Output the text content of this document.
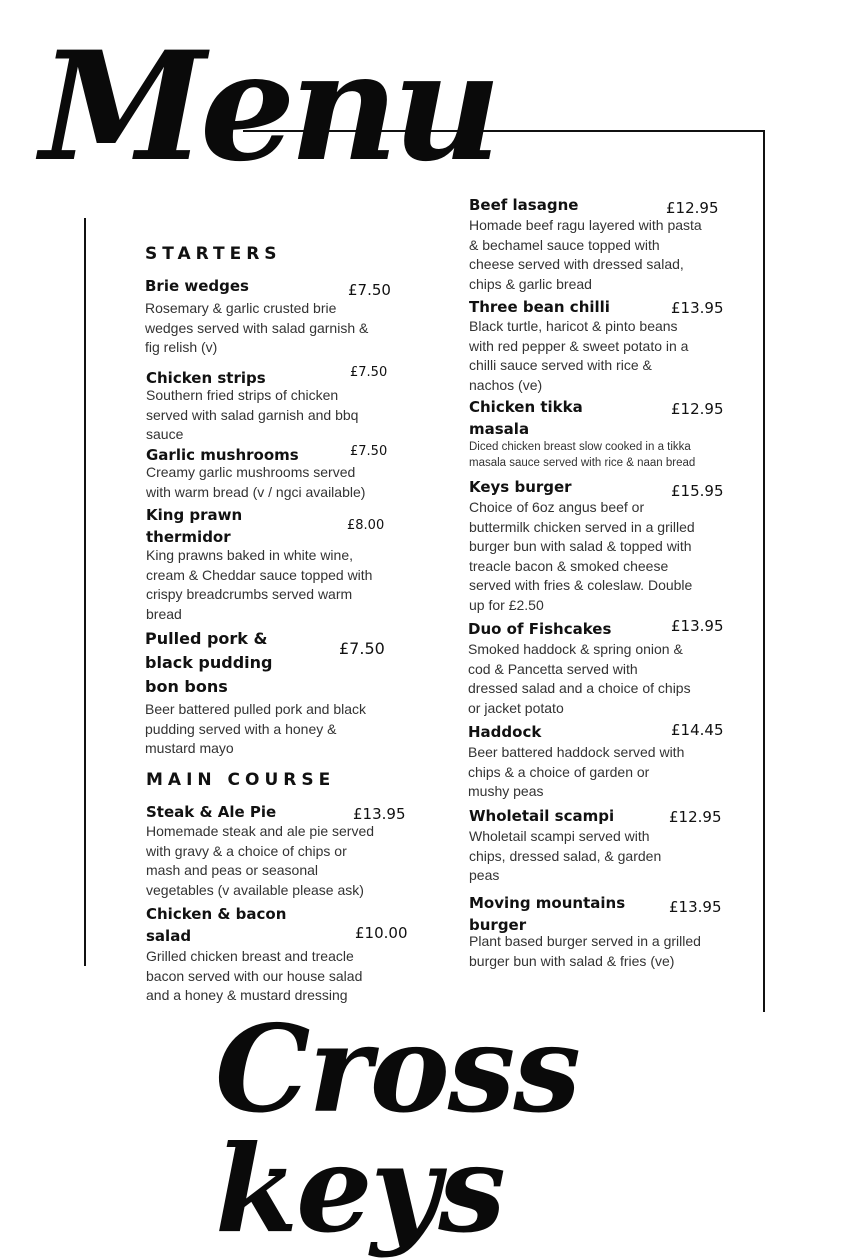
Menu
STARTERS
MAIN COURSE
Brie wedges	£7.50
Rosemary & garlic crusted brie
wedges served with salad garnish &
fig relish (v)
Chicken strips	£7.50
Southern fried strips of chicken
served with salad garnish and bbq
sauce
Garlic mushrooms	£7.50
Creamy garlic mushrooms served
with warm bread (v / ngci available)
King prawn
thermidor
£8.00
King prawns baked in white wine,
cream & Cheddar sauce topped with
crispy breadcrumbs served warm
bread
Pulled pork &
black pudding
bon bons
£7.50
Beer battered pulled pork and black
pudding served with a honey &
mustard mayo
Steak & Ale Pie	£13.95
Homemade steak and ale pie served
with gravy & a choice of chips or
mash and peas or seasonal
vegetables (v available please ask)
Chicken & bacon
salad	£10.00
Grilled chicken breast and treacle
bacon served with our house salad
and a honey & mustard dressing
Beef lasagne	£12.95
Homade beef ragu layered with pasta
& bechamel sauce topped with
cheese served with dressed salad,
chips & garlic bread
Three bean chilli	£13.95
Black turtle, haricot & pinto beans
with red pepper & sweet potato in a
chilli sauce served with rice &
nachos (ve)
Chicken tikka
masala
£12.95
Diced chicken breast slow cooked in a tikka
masala sauce served with rice & naan bread
Keys burger	£15.95
Choice of 6oz angus beef or
buttermilk chicken served in a grilled
burger bun with salad & topped with
treacle bacon & smoked cheese
served with fries & coleslaw. Double
up for £2.50
Duo of Fishcakes	£13.95
Smoked haddock & spring onion &
cod & Pancetta served with
dressed salad and a choice of chips
or jacket potato
Haddock	£14.45
Beer battered haddock served with
chips & a choice of garden or
mushy peas
Wholetail scampi	£12.95
Wholetail scampi served with
chips, dressed salad, & garden
peas
Moving mountains
burger
£13.95
Plant based burger served in a grilled
burger bun with salad & fries (ve)
Cross keys
